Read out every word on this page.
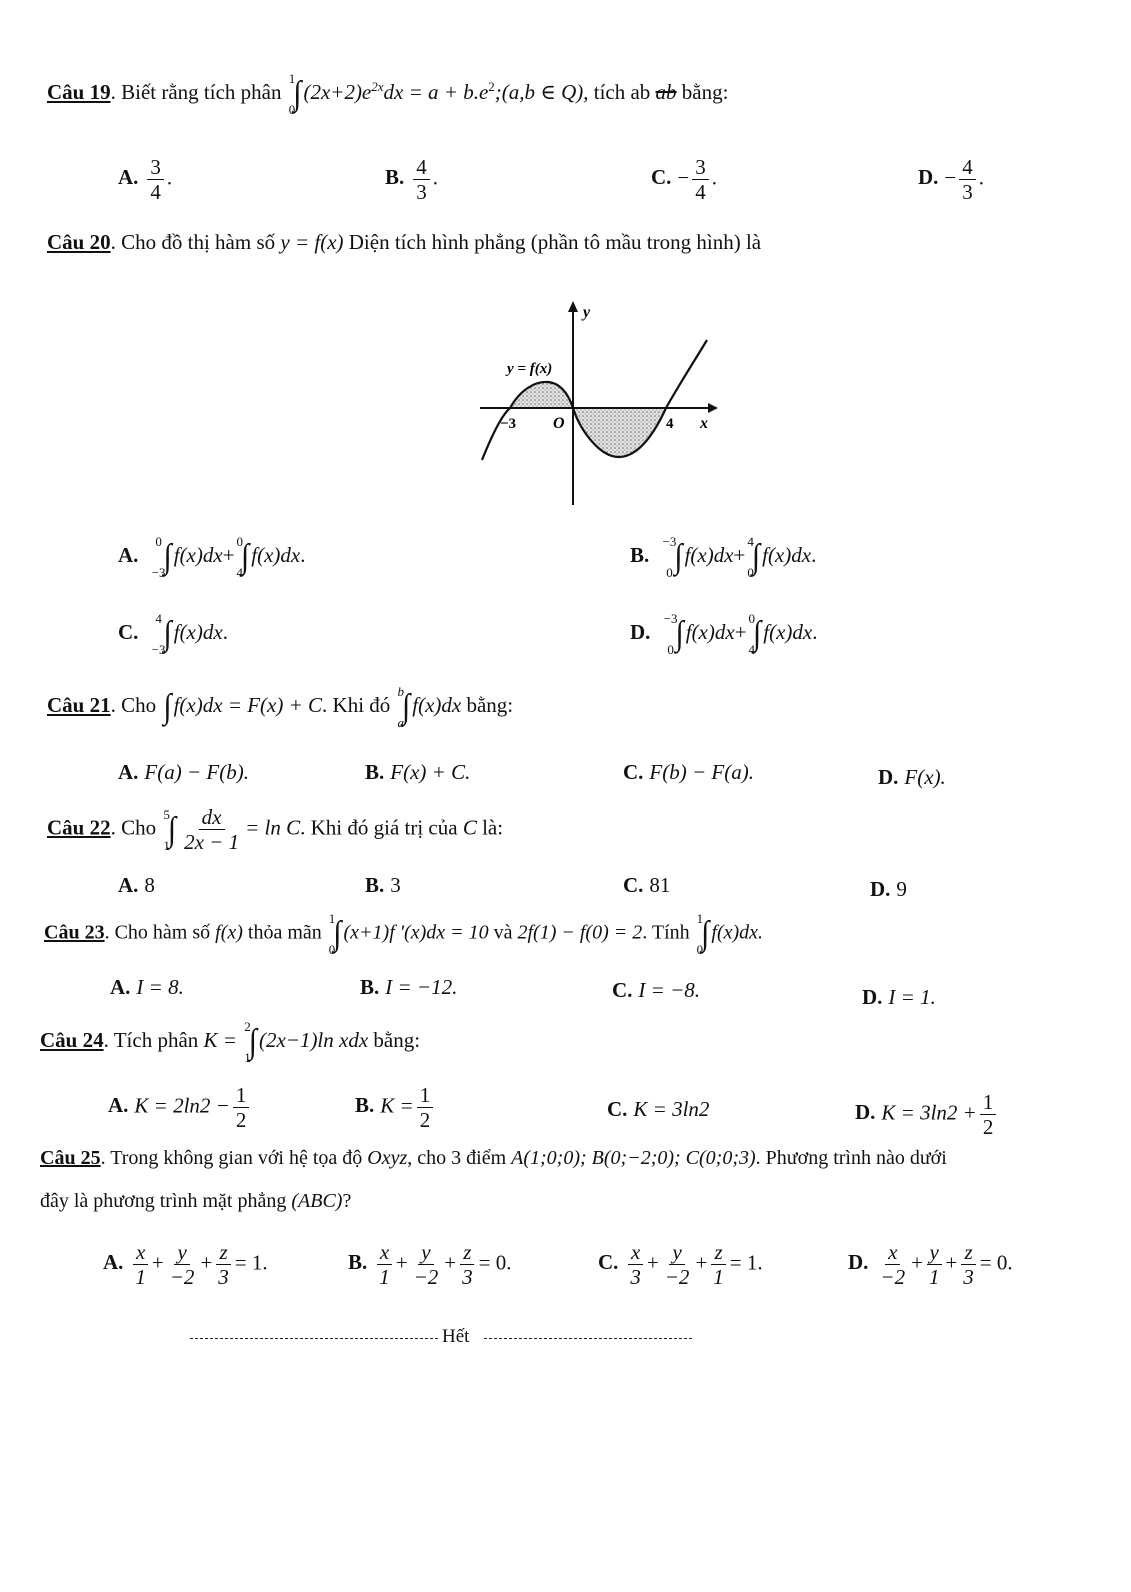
Câu 19. Biết rằng tích phân
1
0
∫ $(2x+2)e^{2x}dx = a$ + $b.e^2;(a,b$ ∈ Q), tích ab ab bằng:
A. $\frac{3}{4}$ .	B. $\frac{4}{3}$ .	C. − $\frac{3}{4}$ .	D. − $\frac{4}{3}$ .
Câu 20. Cho đồ thị hàm số y = f(x) Diện tích hình phẳng (phần tô mầu trong hình) là
y
x
y = f(x)
O
−3	4
A.
0
−3
∫ f(x)dx+
0
4
∫ f(x)dx.	B.
−3
0 ∫ f(x)dx+
4
0
∫ f(x)dx.
C.
4
−3
∫ f(x)dx.	D.
−3
0 ∫ f(x)dx+
0
4
∫ f(x)dx.
Câu 21. Cho ∫ f(x)dx = F(x) + C. Khi đó
b
a
∫ f(x)dx bằng:
A. F(a) − F(b).	B. F(x) + C.	C. F(b) − F(a).	D. F(x).
Câu 22. Cho
5
1
∫ $\frac{dx}{2x - 1} = \ln C$. Khi đó giá trị của C là:
A. 8	B. 3	C. 81	D. 9
Câu 23. Cho hàm số f(x) thỏa mãn
1
0
∫ (x+1)f '(x)dx = 10 và 2f(1) − f(0) = 2. Tính
1
0
∫ f(x)dx.
A. I = 8.	B. I = −12.	C. I = −8.	D. I = 1.
Câu 24. Tích phân K =
2
1
∫ (2x−1)ln xdx bằng:
A. $K = 2\ln 2 - \frac{1}{2}$	B. $K = \frac{1}{2}$	C. K = 3ln2	D. $K = 3\ln 2 + \frac{1}{2}$
Câu 25. Trong không gian với hệ tọa độ Oxyz, cho 3 điểm A(1;0;0); B(0;−2;0); C(0;0;3). Phương trình nào dưới
đây là phương trình mặt phẳng (ABC)?
A. $\frac{x}{1} + \frac{y}{-2} + \frac{z}{3} = 1$.	B. $\frac{x}{1} + \frac{y}{-2} + \frac{z}{3} = 0$.	C. $\frac{x}{3} + \frac{y}{-2} + \frac{z}{1} = 1$.	D. $\frac{x}{-2} + \frac{y}{1} + \frac{z}{3} = 0$.
Hết
